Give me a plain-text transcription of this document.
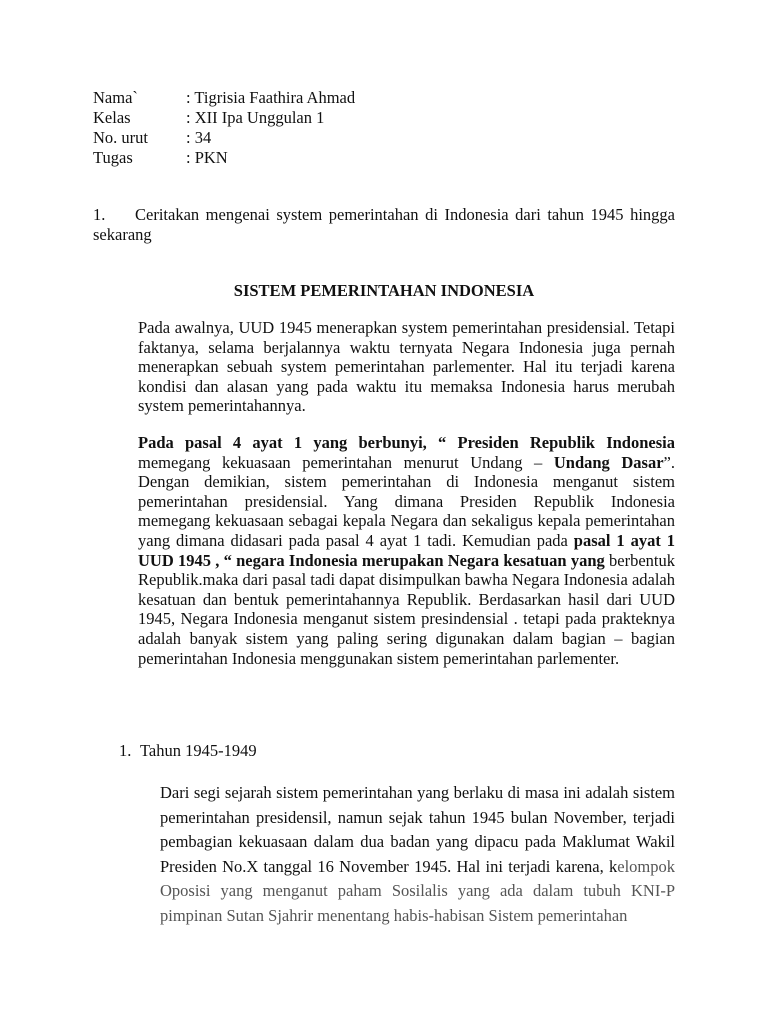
Nama`	: Tigrisia Faathira Ahmad
Kelas	: XII Ipa Unggulan 1
No. urut	: 34
Tugas	: PKN
1. Ceritakan mengenai system pemerintahan di Indonesia dari tahun 1945 hingga sekarang
SISTEM PEMERINTAHAN INDONESIA

Pada awalnya, UUD 1945 menerapkan system pemerintahan presidensial. Tetapi faktanya, selama berjalannya waktu ternyata Negara Indonesia juga pernah menerapkan sebuah system pemerintahan parlementer. Hal itu terjadi karena kondisi dan alasan yang pada waktu itu memaksa Indonesia harus merubah system pemerintahannya.

Pada pasal 4 ayat 1 yang berbunyi, “ Presiden Republik Indonesia memegang kekuasaan pemerintahan menurut Undang – Undang Dasar”. Dengan demikian, sistem pemerintahan di Indonesia menganut sistem pemerintahan presidensial. Yang dimana Presiden Republik Indonesia memegang kekuasaan sebagai kepala Negara dan sekaligus kepala pemerintahan yang dimana didasari pada pasal 4 ayat 1 tadi. Kemudian pada pasal 1 ayat 1 UUD 1945 , “ negara Indonesia merupakan Negara kesatuan yang berbentuk Republik.maka dari pasal tadi dapat disimpulkan bawha Negara Indonesia adalah kesatuan dan bentuk pemerintahannya Republik. Berdasarkan hasil dari UUD 1945, Negara Indonesia menganut sistem presindensial . tetapi pada prakteknya adalah banyak sistem yang paling sering digunakan dalam bagian – bagian pemerintahan Indonesia menggunakan sistem pemerintahan parlementer.

1. Tahun 1945-1949

Dari segi sejarah sistem pemerintahan yang berlaku di masa ini adalah sistem pemerintahan presidensil, namun sejak tahun 1945 bulan November, terjadi pembagian kekuasaan dalam dua badan yang dipacu pada Maklumat Wakil Presiden No.X tanggal 16 November 1945. Hal ini terjadi karena, kelompok Oposisi yang menganut paham Sosilalis yang ada dalam tubuh KNI-P pimpinan Sutan Sjahrir menentang habis-habisan Sistem pemerintahan
